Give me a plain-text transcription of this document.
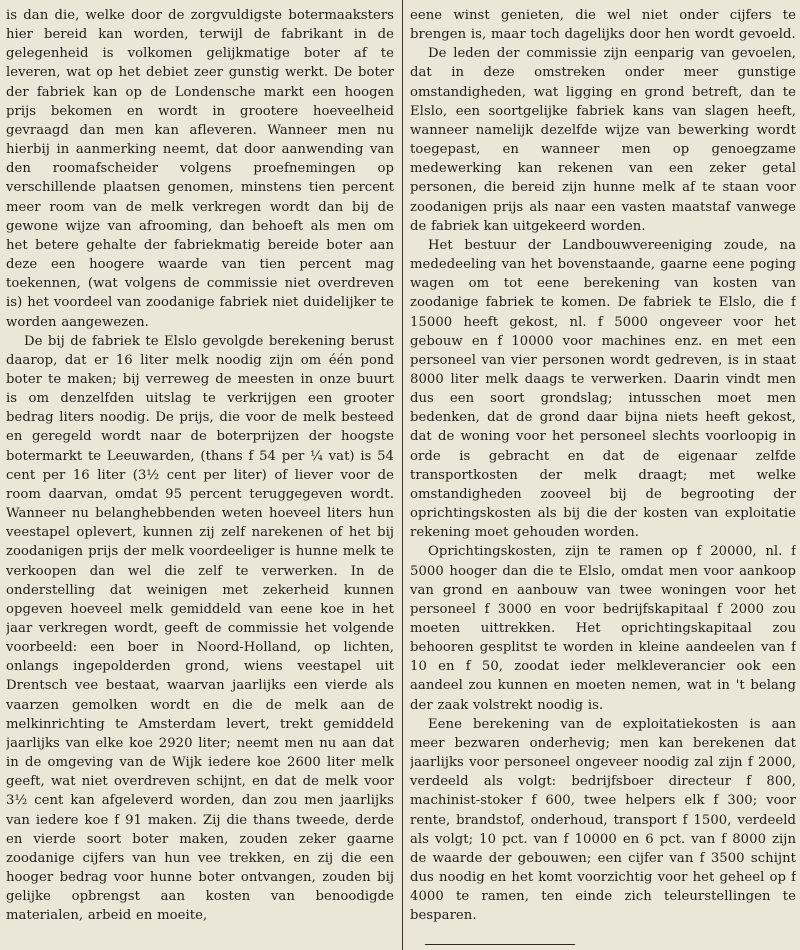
is dan die, welke door de zorgvuldigste botermaaksters hier bereid kan worden, terwijl de fabrikant in de gelegenheid is volkomen gelijkmatige boter af te leveren, wat op het debiet zeer gunstig werkt. De boter der fabriek kan op de Londensche markt een hoogen prijs bekomen en wordt in grootere hoeveelheid gevraagd dan men kan afleveren. Wanneer men nu hierbij in aanmerking neemt, dat door aanwending van den roomafscheider volgens proefnemingen op verschillende plaatsen genomen, minstens tien percent meer room van de melk verkregen wordt dan bij de gewone wijze van afrooming, dan behoeft als men om het betere gehalte der fabriekmatig bereide boter aan deze een hoogere waarde van tien percent mag toekennen, (wat volgens de commissie niet overdreven is) het voordeel van zoodanige fabriek niet duidelijker te worden aangewezen.

De bij de fabriek te Elslo gevolgde berekening berust daarop, dat er 16 liter melk noodig zijn om één pond boter te maken; bij verreweg de meesten in onze buurt is om denzelfden uitslag te verkrijgen een grooter bedrag liters noodig. De prijs, die voor de melk besteed en geregeld wordt naar de boterprijzen der hoogste botermarkt te Leeuwarden, (thans f 54 per ¼ vat) is 54 cent per 16 liter (3½ cent per liter) of liever voor de room daarvan, omdat 95 percent teruggegeven wordt. Wanneer nu belanghebbenden weten hoeveel liters hun veestapel oplevert, kunnen zij zelf narekenen of het bij zoodanigen prijs der melk voordeeliger is hunne melk te verkoopen dan wel die zelf te verwerken. In de onderstelling dat weinigen met zekerheid kunnen opgeven hoeveel melk gemiddeld van eene koe in het jaar verkregen wordt, geeft de commissie het volgende voorbeeld: een boer in Noord-Holland, op lichten, onlangs ingepolderden grond, wiens veestapel uit Drentsch vee bestaat, waarvan jaarlijks een vierde als vaarzen gemolken wordt en die de melk aan de melkinrichting te Amsterdam levert, trekt gemiddeld jaarlijks van elke koe 2920 liter; neemt men nu aan dat in de omgeving van de Wijk iedere koe 2600 liter melk geeft, wat niet overdreven schijnt, en dat de melk voor 3½ cent kan afgeleverd worden, dan zou men jaarlijks van iedere koe f 91 maken. Zij die thans tweede, derde en vierde soort boter maken, zouden zeker gaarne zoodanige cijfers van hun vee trekken, en zij die een hooger bedrag voor hunne boter ontvangen, zouden bij gelijke opbrengst aan kosten van benoodigde materialen, arbeid en moeite,

eene winst genieten, die wel niet onder cijfers te brengen is, maar toch dagelijks door hen wordt gevoeld.

De leden der commissie zijn eenparig van gevoelen, dat in deze omstreken onder meer gunstige omstandigheden, wat ligging en grond betreft, dan te Elslo, een soortgelijke fabriek kans van slagen heeft, wanneer namelijk dezelfde wijze van bewerking wordt toegepast, en wanneer men op genoegzame medewerking kan rekenen van een zeker getal personen, die bereid zijn hunne melk af te staan voor zoodanigen prijs als naar een vasten maatstaf vanwege de fabriek kan uitgekeerd worden.

Het bestuur der Landbouwvereeniging zoude, na mededeeling van het bovenstaande, gaarne eene poging wagen om tot eene berekening van kosten van zoodanige fabriek te komen. De fabriek te Elslo, die f 15000 heeft gekost, nl. f 5000 ongeveer voor het gebouw en f 10000 voor machines enz. en met een personeel van vier personen wordt gedreven, is in staat 8000 liter melk daags te verwerken. Daarin vindt men dus een soort grondslag; intusschen moet men bedenken, dat de grond daar bijna niets heeft gekost, dat de woning voor het personeel slechts voorloopig in orde is gebracht en dat de eigenaar zelfde transportkosten der melk draagt; met welke omstandigheden zooveel bij de begrooting der oprichtingskosten als bij die der kosten van exploitatie rekening moet gehouden worden.

Oprichtingskosten, zijn te ramen op f 20000, nl. f 5000 hooger dan die te Elslo, omdat men voor aankoop van grond en aanbouw van twee woningen voor het personeel f 3000 en voor bedrijfskapitaal f 2000 zou moeten uittrekken. Het oprichtingskapitaal zou behooren gesplitst te worden in kleine aandeelen van f 10 en f 50, zoodat ieder melkleverancier ook een aandeel zou kunnen en moeten nemen, wat in 't belang der zaak volstrekt noodig is.

Eene berekening van de exploitatiekosten is aan meer bezwaren onderhevig; men kan berekenen dat jaarlijks voor personeel ongeveer noodig zal zijn f 2000, verdeeld als volgt: bedrijfsboer directeur f 800, machinist-stoker f 600, twee helpers elk f 300; voor rente, brandstof, onderhoud, transport f 1500, verdeeld als volgt; 10 pct. van f 10000 en 6 pct. van f 8000 zijn de waarde der gebouwen; een cijfer van f 3500 schijnt dus noodig en het komt voorzichtig voor het geheel op f 4000 te ramen, ten einde zich teleurstellingen te besparen.
